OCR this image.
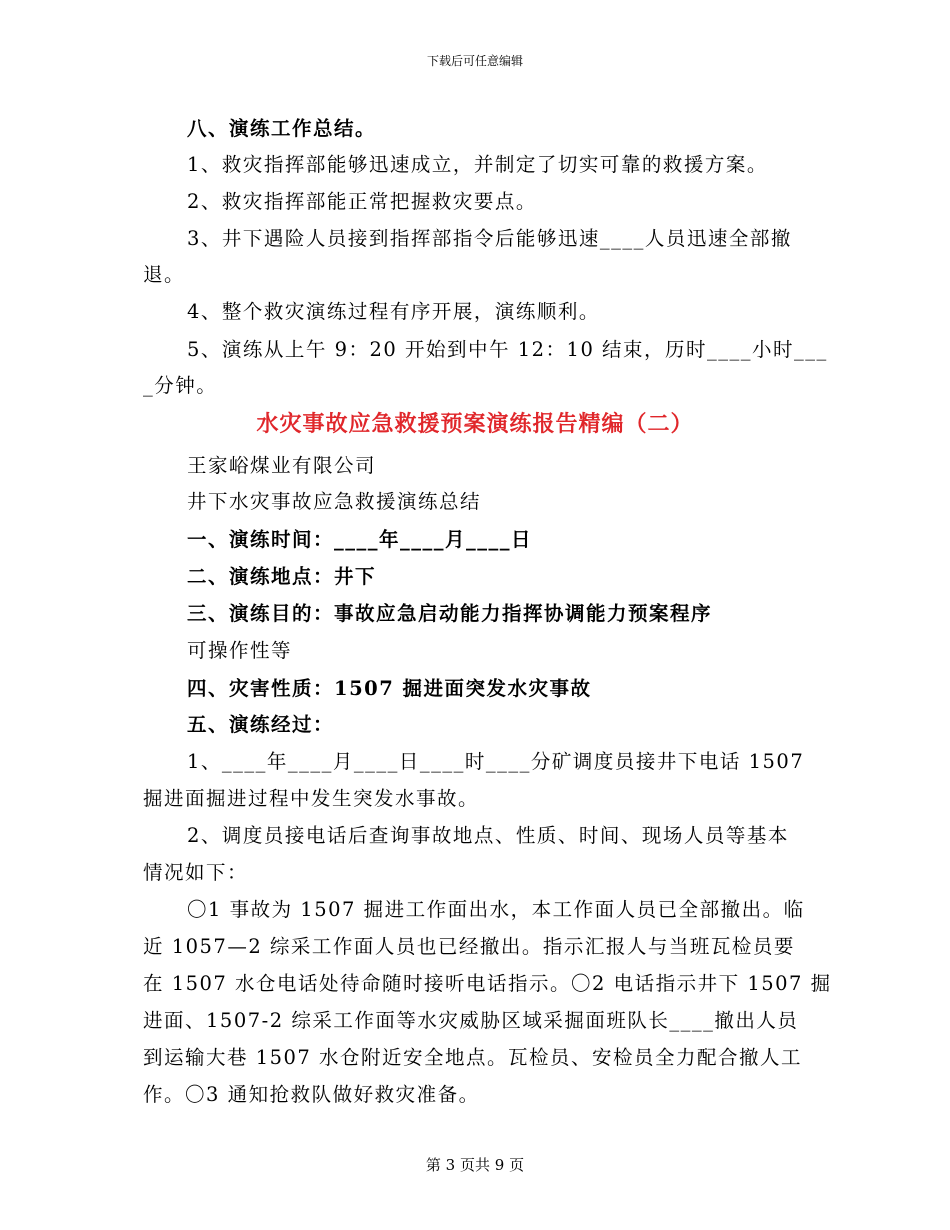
下载后可任意编辑
八、演练工作总结。
1、救灾指挥部能够迅速成立，并制定了切实可靠的救援方案。
2、救灾指挥部能正常把握救灾要点。
3、井下遇险人员接到指挥部指令后能够迅速____人员迅速全部撤
退。
4、整个救灾演练过程有序开展，演练顺利。
5、演练从上午 9：20 开始到中午 12：10 结束，历时____小时___
_分钟。
水灾事故应急救援预案演练报告精编（二）
王家峪煤业有限公司
井下水灾事故应急救援演练总结
一、演练时间：____年____月____日
二、演练地点：井下
三、演练目的：事故应急启动能力指挥协调能力预案程序
可操作性等
四、灾害性质：1507 掘进面突发水灾事故
五、演练经过：
1、____年____月____日____时____分矿调度员接井下电话 1507
掘进面掘进过程中发生突发水事故。
2、调度员接电话后查询事故地点、性质、时间、现场人员等基本
情况如下：
〇1 事故为 1507 掘进工作面出水，本工作面人员已全部撤出。临
近 1057—2 综采工作面人员也已经撤出。指示汇报人与当班瓦检员要
在 1507 水仓电话处待命随时接听电话指示。〇2 电话指示井下 1507 掘
进面、1507-2 综采工作面等水灾威胁区域采掘面班队长____撤出人员
到运输大巷 1507 水仓附近安全地点。瓦检员、安检员全力配合撤人工
作。〇3 通知抢救队做好救灾准备。
第 3 页共 9 页
